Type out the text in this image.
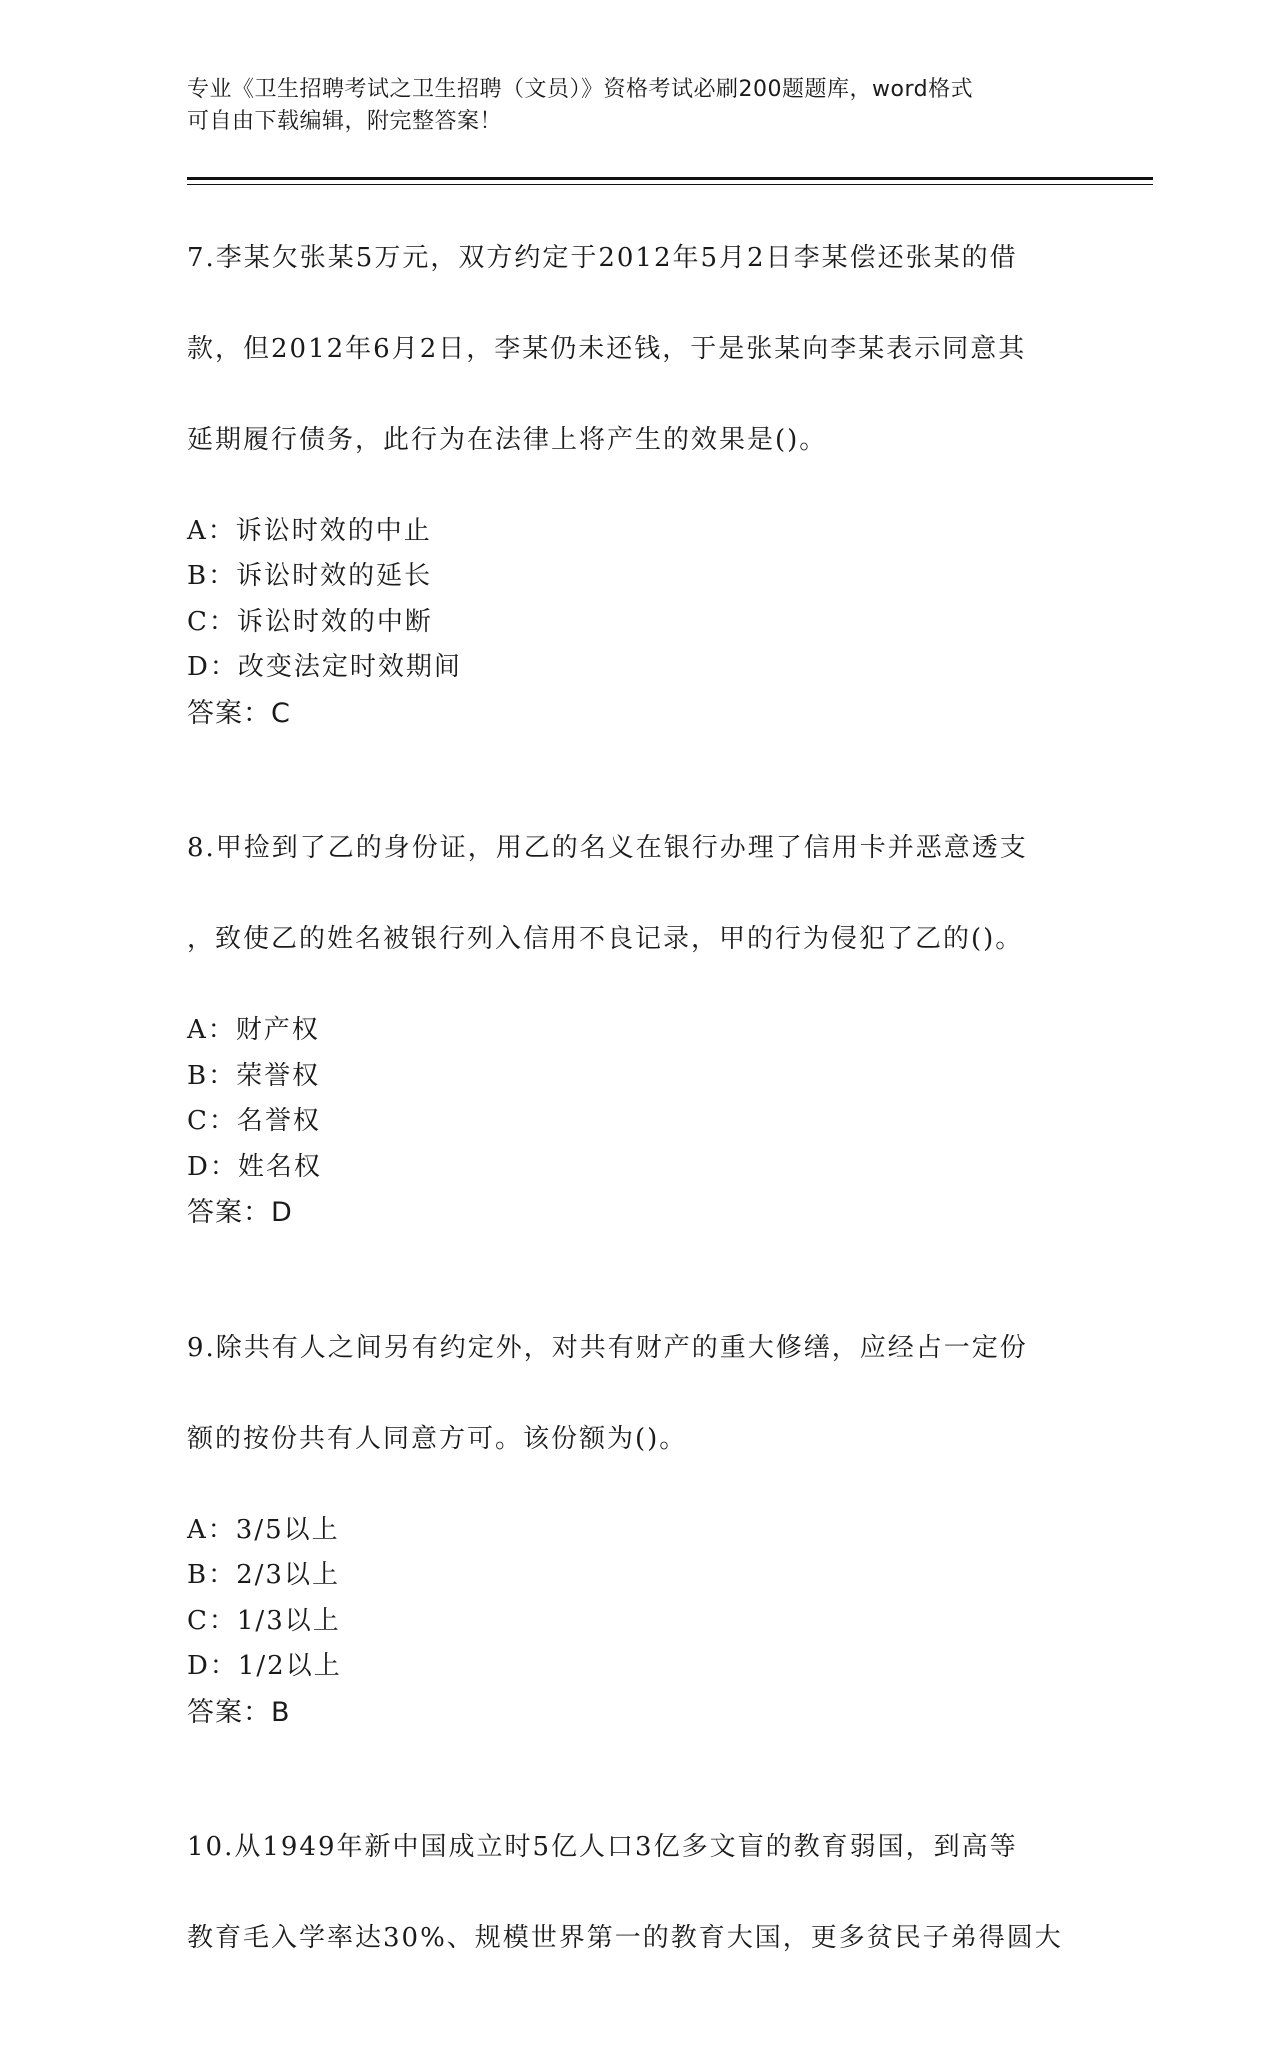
专业《卫生招聘考试之卫生招聘（文员）》资格考试必刷200题题库，word格式
可自由下载编辑，附完整答案！

7.李某欠张某5万元，双方约定于2012年5月2日李某偿还张某的借

款，但2012年6月2日，李某仍未还钱，于是张某向李某表示同意其

延期履行债务，此行为在法律上将产生的效果是()。

A：诉讼时效的中止
B：诉讼时效的延长
C：诉讼时效的中断
D：改变法定时效期间
答案：C

8.甲捡到了乙的身份证，用乙的名义在银行办理了信用卡并恶意透支

，致使乙的姓名被银行列入信用不良记录，甲的行为侵犯了乙的()。

A：财产权
B：荣誉权
C：名誉权
D：姓名权
答案：D

9.除共有人之间另有约定外，对共有财产的重大修缮，应经占一定份

额的按份共有人同意方可。该份额为()。

A：3/5以上
B：2/3以上
C：1/3以上
D：1/2以上
答案：B

10.从1949年新中国成立时5亿人口3亿多文盲的教育弱国，到高等

教育毛入学率达30%、规模世界第一的教育大国，更多贫民子弟得圆大
